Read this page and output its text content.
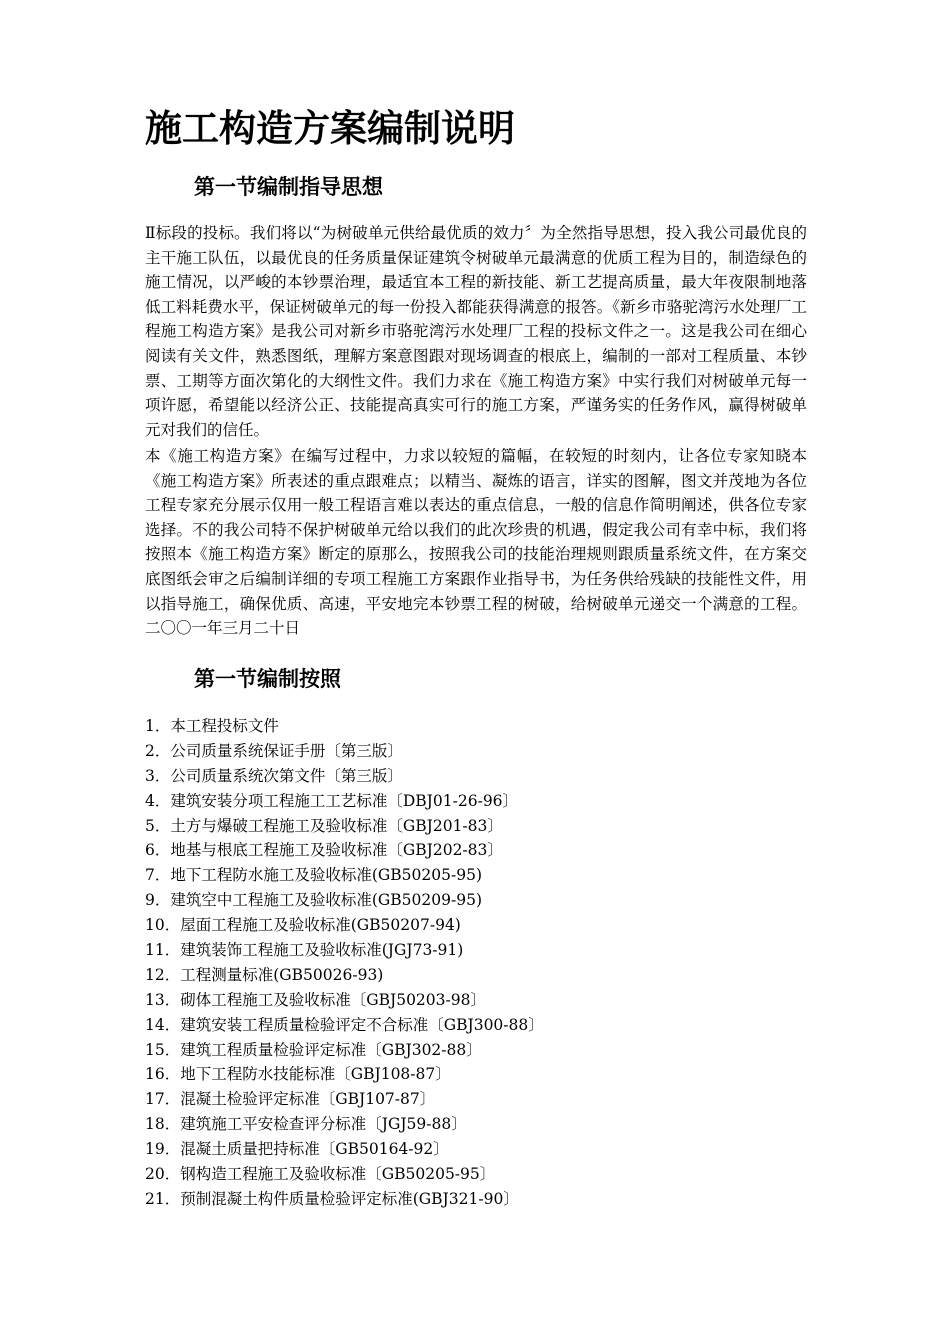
施工构造方案编制说明
第一节编制指导思想

Ⅱ标段的投标。我们将以“为树破单元供给最优质的效力〞为全然指导思想，投入我公司最优良的主干施工队伍，以最优良的任务质量保证建筑令树破单元最满意的优质工程为目的，制造绿色的施工情况，以严峻的本钞票治理，最适宜本工程的新技能、新工艺提高质量，最大年夜限制地落低工料耗费水平，保证树破单元的每一份投入都能获得满意的报答。《新乡市骆驼湾污水处理厂工程施工构造方案》是我公司对新乡市骆驼湾污水处理厂工程的投标文件之一。这是我公司在细心阅读有关文件，熟悉图纸，理解方案意图跟对现场调查的根底上，编制的一部对工程质量、本钞票、工期等方面次第化的大纲性文件。我们力求在《施工构造方案》中实行我们对树破单元每一项许愿，希望能以经济公正、技能提高真实可行的施工方案，严谨务实的任务作风，赢得树破单元对我们的信任。

本《施工构造方案》在编写过程中，力求以较短的篇幅，在较短的时刻内，让各位专家知晓本《施工构造方案》所表述的重点跟难点；以精当、凝炼的语言，详实的图解，图文并茂地为各位工程专家充分展示仅用一般工程语言难以表达的重点信息，一般的信息作简明阐述，供各位专家选择。不的我公司特不保护树破单元给以我们的此次珍贵的机遇，假定我公司有幸中标，我们将按照本《施工构造方案》断定的原那么，按照我公司的技能治理规则跟质量系统文件，在方案交底图纸会审之后编制详细的专项工程施工方案跟作业指导书，为任务供给残缺的技能性文件，用以指导施工，确保优质、高速，平安地完本钞票工程的树破，给树破单元递交一个满意的工程。二〇〇一年三月二十日

第一节编制按照
1．本工程投标文件
2．公司质量系统保证手册〔第三版〕
3．公司质量系统次第文件〔第三版〕
4．建筑安装分项工程施工工艺标准〔DBJ01-26-96〕
5．土方与爆破工程施工及验收标准〔GBJ201-83〕
6．地基与根底工程施工及验收标准〔GBJ202-83〕
7．地下工程防水施工及验收标准(GB50205-95)
9．建筑空中工程施工及验收标准(GB50209-95)
10．屋面工程施工及验收标准(GB50207-94)
11．建筑装饰工程施工及验收标准(JGJ73-91)
12．工程测量标准(GB50026-93)
13．砌体工程施工及验收标准〔GBJ50203-98〕
14．建筑安装工程质量检验评定不合标准〔GBJ300-88〕
15．建筑工程质量检验评定标准〔GBJ302-88〕
16．地下工程防水技能标准〔GBJ108-87〕
17．混凝土检验评定标准〔GBJ107-87〕
18．建筑施工平安检查评分标准〔JGJ59-88〕
19．混凝土质量把持标准〔GB50164-92〕
20．钢构造工程施工及验收标准〔GB50205-95〕
21．预制混凝土构件质量检验评定标准(GBJ321-90〕
